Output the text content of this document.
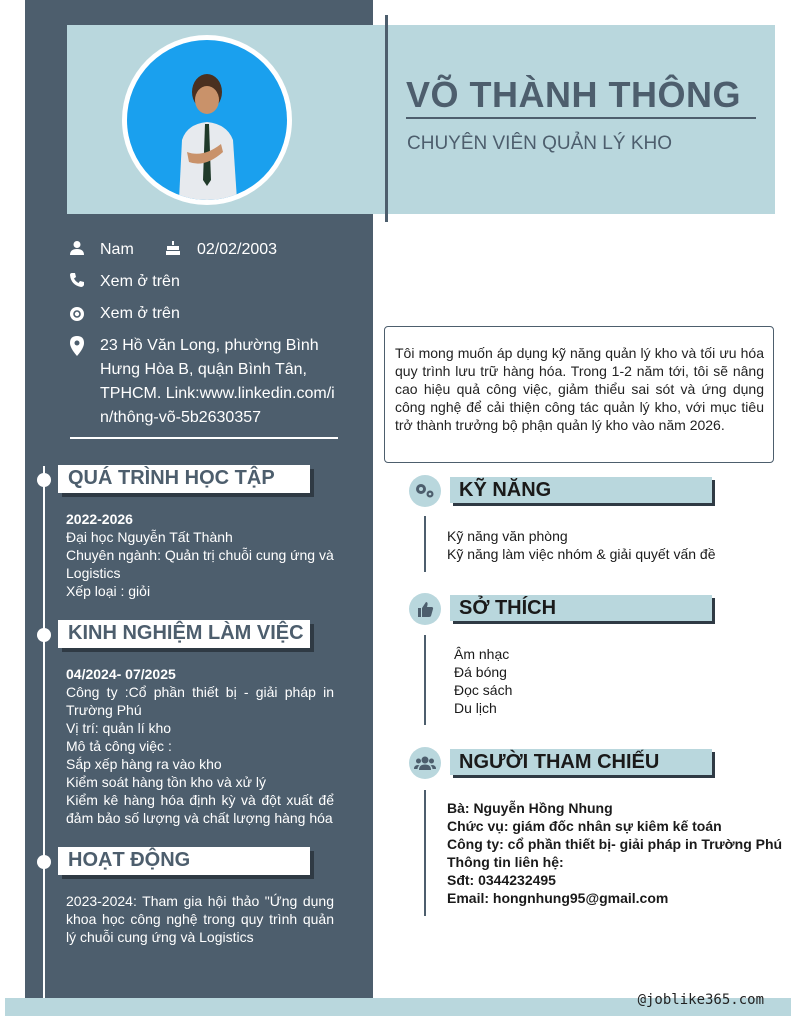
VÕ THÀNH THÔNG
CHUYÊN VIÊN QUẢN LÝ KHO
Nam	02/02/2003
Xem ở trên
Xem ở trên
23 Hồ Văn Long, phường Bình
Hưng Hòa B, quận Bình Tân,
TPHCM. Link:www.linkedin.com/i
n/thông-võ-5b2630357
QUÁ TRÌNH HỌC TẬP
2022-2026
Đại học Nguyễn Tất Thành
Chuyên ngành: Quản trị chuỗi cung ứng và Logistics
Xếp loại : giỏi
KINH NGHIỆM LÀM VIỆC
04/2024- 07/2025
Công ty :Cổ phần thiết bị - giải pháp in Trường Phú
Vị trí: quản lí kho
Mô tả công việc :
Sắp xếp hàng ra vào kho
Kiểm soát hàng tồn kho và xử lý
Kiểm kê hàng hóa định kỳ và đột xuất để đảm bảo số lượng và chất lượng hàng hóa
HOẠT ĐỘNG
2023-2024: Tham gia hội thảo "Ứng dụng khoa học công nghệ trong quy trình quản lý chuỗi cung ứng và Logistics
Tôi mong muốn áp dụng kỹ năng quản lý kho và tối ưu hóa quy trình lưu trữ hàng hóa. Trong 1-2 năm tới, tôi sẽ nâng cao hiệu quả công việc, giảm thiểu sai sót và ứng dụng công nghệ để cải thiện công tác quản lý kho, với mục tiêu trở thành trưởng bộ phận quản lý kho vào năm 2026.
KỸ NĂNG
Kỹ năng văn phòng
Kỹ năng làm việc nhóm & giải quyết vấn đề
SỞ THÍCH
Âm nhạc
Đá bóng
Đọc sách
Du lịch
NGƯỜI THAM CHIẾU
Bà: Nguyễn Hồng Nhung
Chức vụ: giám đốc nhân sự kiêm kế toán
Công ty: cổ phần thiết bị- giải pháp in Trường Phú
Thông tin liên hệ:
Sđt: 0344232495
Email: hongnhung95@gmail.com
@joblike365.com
